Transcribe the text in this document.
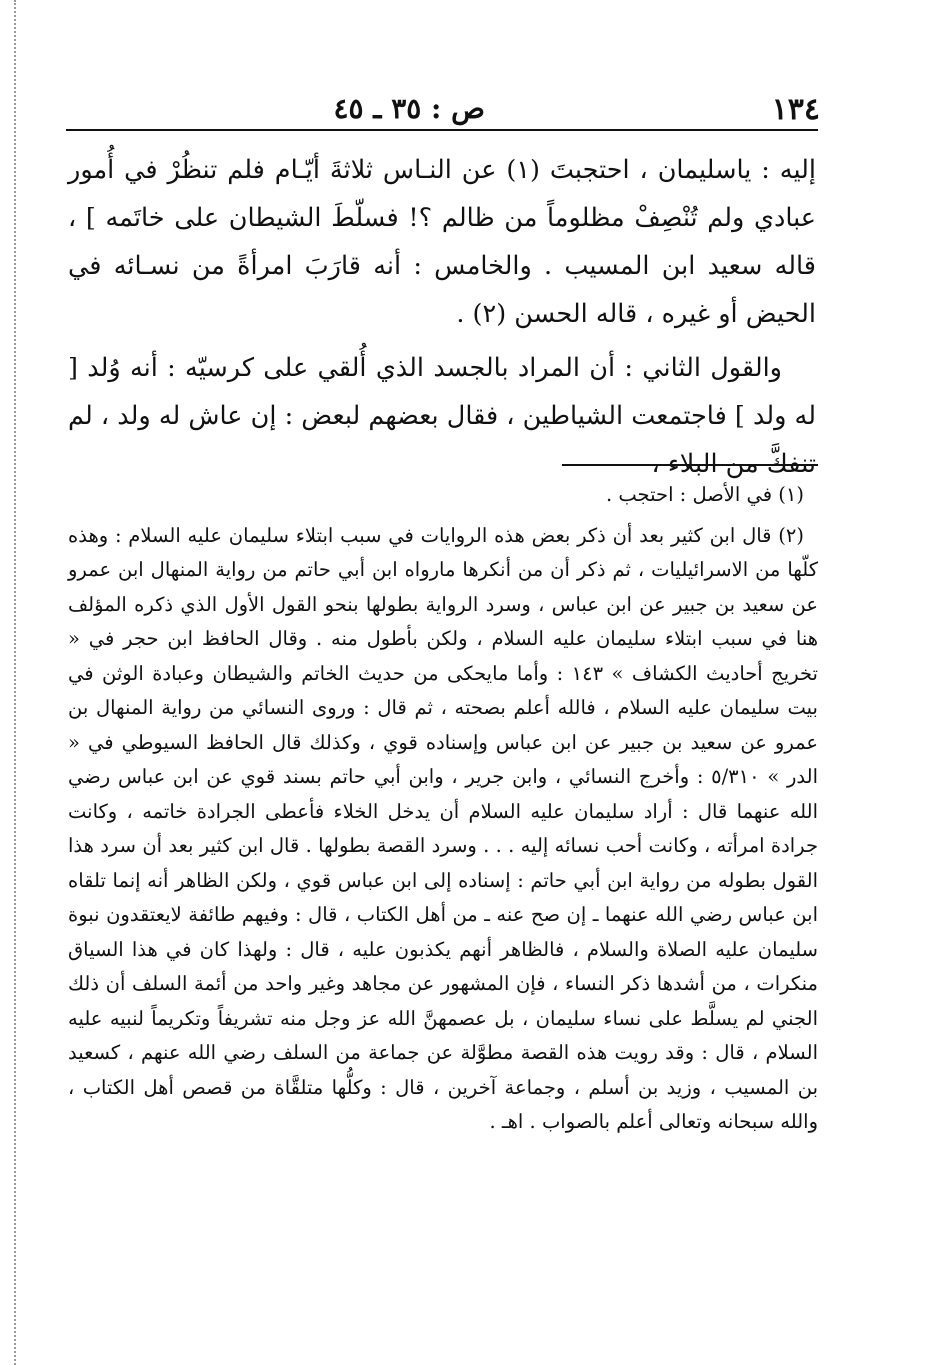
١٣٤
ص : ٣٥ ـ ٤٥

إليه : ياسليمان ، احتجبتَ (١) عن النـاس ثلاثةَ أيّـام فلم تنظُرْ في أُمور عبادي ولم تُنْصِفْ مظلوماً من ظالم ؟! فسلّطَ الشيطان على خاتَمه ] ، قاله سعيد ابن المسيب . والخامس : أنه قارَبَ امرأةً من نسـائه في الحيض أو غيره ، قاله الحسن (٢) .

والقول الثاني : أن المراد بالجسد الذي أُلقي على كرسيّه : أنه وُلد [ له ولد ] فاجتمعت الشياطين ، فقال بعضهم لبعض : إن عاش له ولد ، لم تنفكَّ من البلاء ،

(١) في الأصل : احتجب .

(٢) قال ابن كثير بعد أن ذكر بعض هذه الروايات في سبب ابتلاء سليمان عليه السلام : وهذه كلّها من الاسرائيليات ، ثم ذكر أن من أنكرها مارواه ابن أبي حاتم من رواية المنهال ابن عمرو عن سعيد بن جبير عن ابن عباس ، وسرد الرواية بطولها بنحو القول الأول الذي ذكره المؤلف هنا في سبب ابتلاء سليمان عليه السلام ، ولكن بأطول منه . وقال الحافظ ابن حجر في « تخريج أحاديث الكشاف » ١٤٣ : وأما مايحكى من حديث الخاتم والشيطان وعبادة الوثن في بيت سليمان عليه السلام ، فالله أعلم بصحته ، ثم قال : وروى النسائي من رواية المنهال بن عمرو عن سعيد بن جبير عن ابن عباس وإسناده قوي ، وكذلك قال الحافظ السيوطي في « الدر » ٥/٣١٠ : وأخرج النسائي ، وابن جرير ، وابن أبي حاتم بسند قوي عن ابن عباس رضي الله عنهما قال : أراد سليمان عليه السلام أن يدخل الخلاء فأعطى الجرادة خاتمه ، وكانت جرادة امرأته ، وكانت أحب نسائه إليه . . . وسرد القصة بطولها . قال ابن كثير بعد أن سرد هذا القول بطوله من رواية ابن أبي حاتم : إسناده إلى ابن عباس قوي ، ولكن الظاهر أنه إنما تلقاه ابن عباس رضي الله عنهما ـ إن صح عنه ـ من أهل الكتاب ، قال : وفيهم طائفة لايعتقدون نبوة سليمان عليه الصلاة والسلام ، فالظاهر أنهم يكذبون عليه ، قال : ولهذا كان في هذا السياق منكرات ، من أشدها ذكر النساء ، فإن المشهور عن مجاهد وغير واحد من أئمة السلف أن ذلك الجني لم يسلَّط على نساء سليمان ، بل عصمهنَّ الله عز وجل منه تشريفاً وتكريماً لنبيه عليه السلام ، قال : وقد رويت هذه القصة مطوَّلة عن جماعة من السلف رضي الله عنهم ، كسعيد بن المسيب ، وزيد بن أسلم ، وجماعة آخرين ، قال : وكلُّها متلقَّاة من قصص أهل الكتاب ، والله سبحانه وتعالى أعلم بالصواب . اهـ .
